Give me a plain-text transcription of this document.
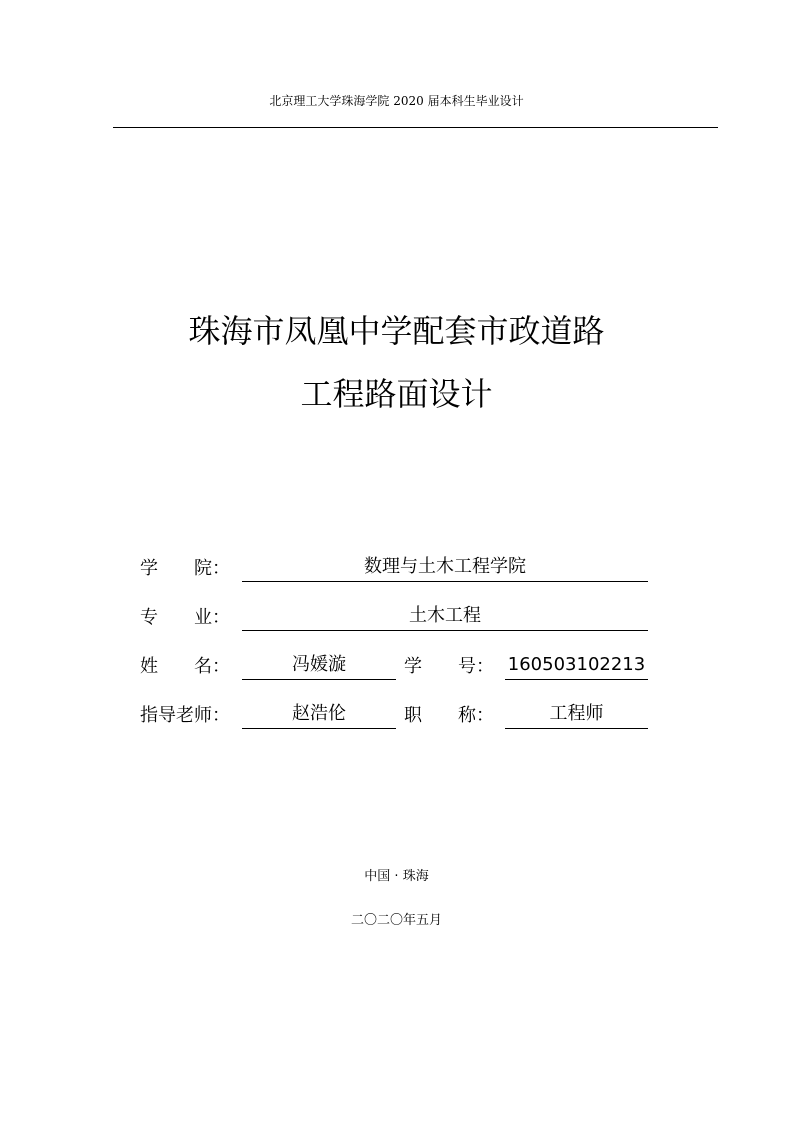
北京理工大学珠海学院 2020 届本科生毕业设计
珠海市凤凰中学配套市政道路
工程路面设计
学　　院：	数理与土木工程学院
专　　业：	土木工程
姓　　名：	冯媛漩	学　　号： 160503102213
指导老师：	赵浩伦	职　　称：	工程师
中国 · 珠海
二〇二〇年五月
